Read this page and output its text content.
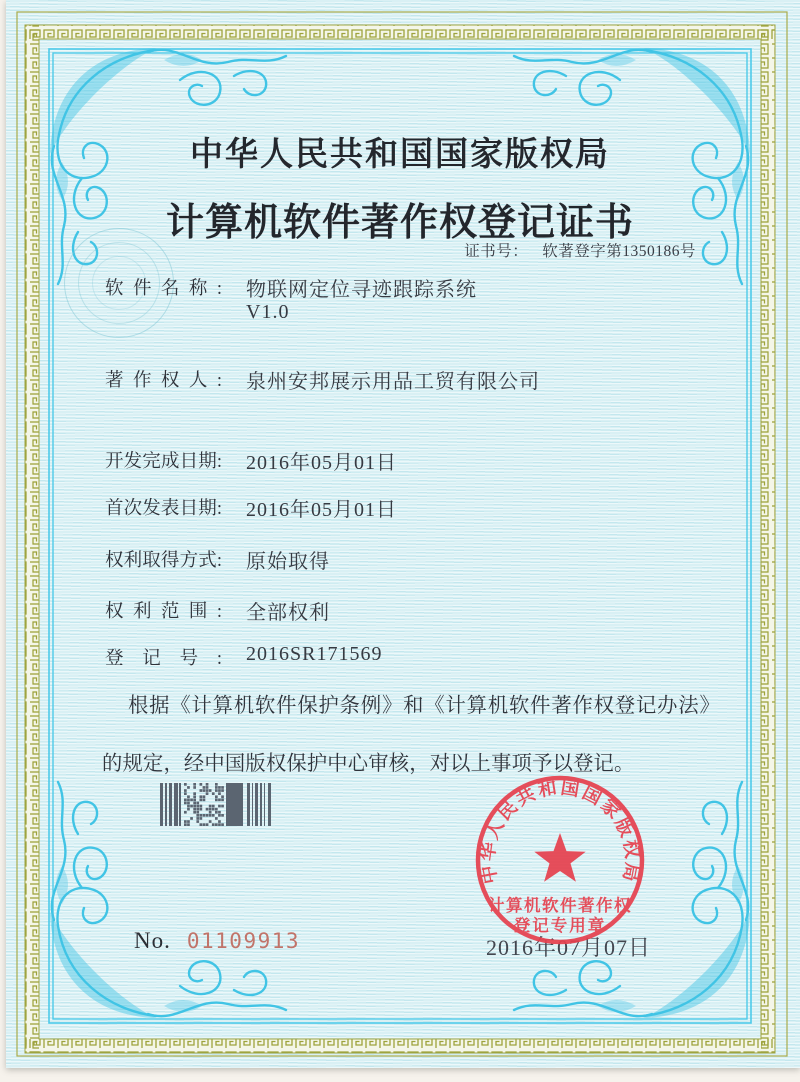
中华人民共和国国家版权局
计算机软件著作权登记证书
证书号： 软著登字第1350186号
软件名称: 物联网定位寻迹跟踪系统
V1.0
著作权人: 泉州安邦展示用品工贸有限公司
开发完成日期: 2016年05月01日
首次发表日期: 2016年05月01日
权利取得方式: 原始取得
权利范围: 全部权利
登记号: 2016SR171569
根据《计算机软件保护条例》和《计算机软件著作权登记办法》的规定，经中国版权保护中心审核，对以上事项予以登记。
No. 01109913	2016年07月07日
中华人民共和国国家版权局
计算机软件著作权
登记专用章
